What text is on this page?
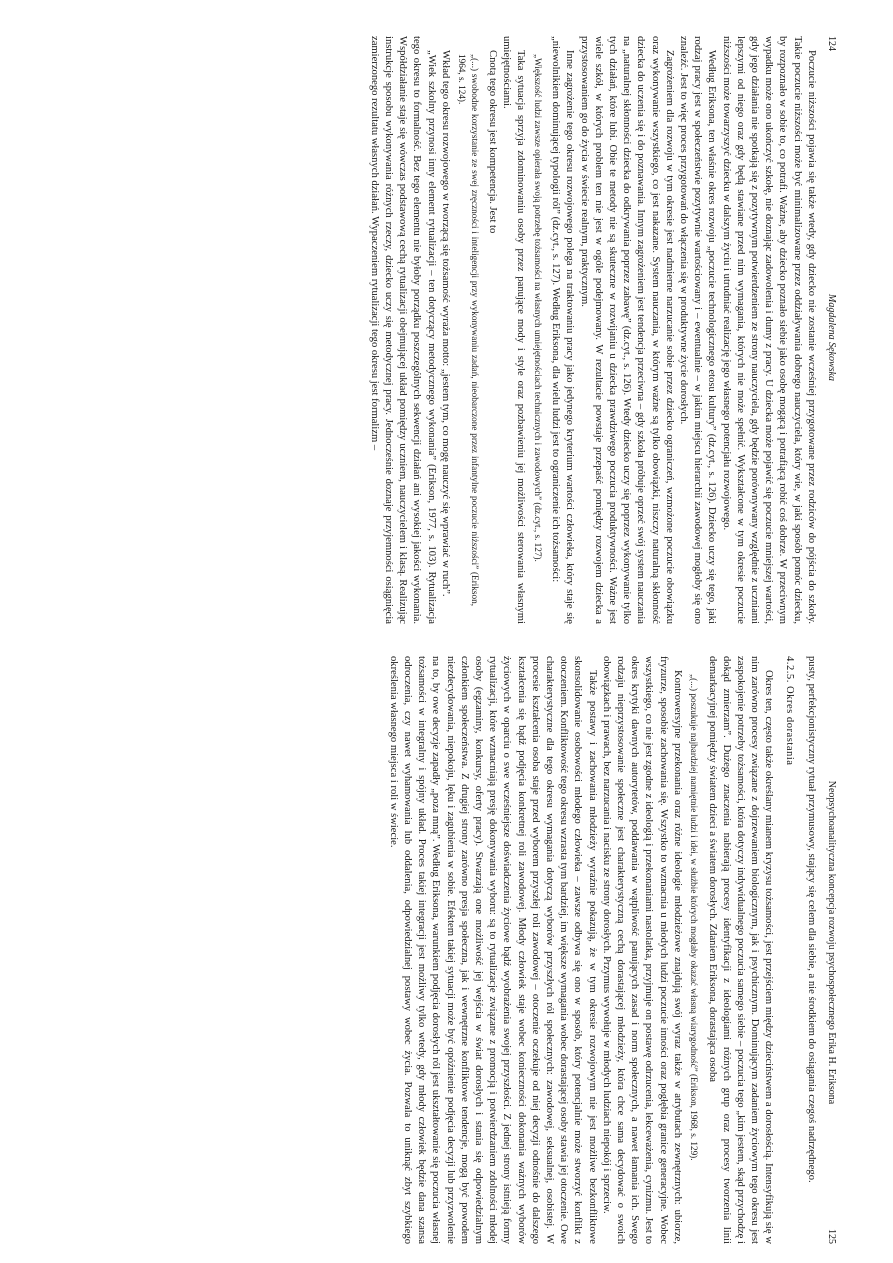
124
Magdalena Sękowska

Poczucie niższości pojawia się także wtedy, gdy dziecko nie zostanie wcześniej przygotowane przez rodziców do pójścia do szkoły. Takie poczucie niższości może być minimalizowane przez oddziaływania dobrego nauczyciela, który wie, w jaki sposób pomóc dziecku, by rozpoznało w sobie to, co potrafi. Ważne, aby dziecko poznało siebie jako osobę mogącą i potrafiącą robić coś dobrze. W przeciwnym wypadku może ono ukończyć szkołę, nie doznając zadowolenia i dumy z pracy. U dziecka może pojawić się poczucie mniejszej wartości, gdy jego działania nie spotkają się z pozytywnym potwierdzeniem ze strony nauczyciela, gdy będzie porównywany względnie z uczniami lepszymi od niego oraz gdy będą stawiane przed nim wymagania, których nie może spełnić. Wykształcone w tym okresie poczucie niższości może towarzyszyć dziecku w dalszym życiu i utrudniać realizację jego własnego potencjału rozwojowego.

Według Eriksona, ten właśnie okres rozwoju „poczucie technologicznego etosu kultury” (dz.cyt., s. 126). Dziecko uczy się tego, jaki rodzaj pracy jest w społeczeństwie pozytywnie wartościowany i – ewentualnie – w jakim miejscu hierarchii zawodowej mogłoby się ono znaleźć. Jest to więc proces przygotowań do włączenia się w produktywne życie dorosłych.

Zagrożeniem dla rozwoju w tym okresie jest nadmierne narzucanie sobie przez dziecko ograniczeń, wzmożone poczucie obowiązku oraz wykonywanie wszystkiego, co jest nakazane. System nauczania, w którym ważne są tylko obowiązki, niszczy naturalną skłonność dziecka do uczenia się i do poznawania. Innym zagrożeniem jest tendencja przeciwna – gdy szkoła próbuje oprzeć swój system nauczania na „naturalnej skłonności dziecka do odkrywania poprzez zabawę” (dz.cyt., s. 126). Wtedy dziecko uczy się poprzez wykonywanie tylko tych działań, które lubi. Obie te metody nie są skuteczne w rozwijaniu u dziecka prawdziwego poczucia produktywności. Ważne jest wiele szkół, w których problem ten nie jest w ogóle podejmowany. W rezultacie powstaje przepaść pomiędzy rozwojem dziecka a przystosowaniem go do życia w świecie realnym, praktycznym.

Inne zagrożenie tego okresu rozwojowego polega na traktowaniu pracy jako jedynego kryterium wartości człowieka, który staje się „niewolnikiem dominującej typologii ról” (dz.cyt., s. 127). Według Eriksona, dla wielu ludzi jest to ograniczenie ich tożsamości:

„Większość ludzi zawsze opierała swoją potrzebę tożsamości na własnych umiejętnościach technicznych i zawodowych” (dz.cyt., s. 127).

Taka sytuacja sprzyja zdominowaniu osoby przez panujące mody i style oraz pozbawieniu jej możliwości sterowania własnymi umiejętnościami.

Cnotą tego okresu jest kompetencja. Jest to

„(...) swobodne korzystanie ze swej zręczności i inteligencji przy wykonywaniu zadań, nieobarczone przez infantylne poczucie niższości” (Erikson, 1964, s. 124).

Wkład tego okresu rozwojowego w tworzącą się tożsamość wyraża motto: „jestem tym, co mogę nauczyć się wprawiać w ruch”.

„Wiek szkolny przynosi inny element rytualizacji – ten dotyczący metodycznego wykonania” (Erikson, 1977, s. 103). Rytualizacja tego okresu to formalność. Bez tego elementu nie byłoby porządku poszczególnych sekwencji działań ani wysokiej jakości wykonania. Współdziałanie staje się wówczas podstawową cechą rytualizacji obejmującej układ pomiędzy uczniem, nauczycielem i klasą. Realizując instrukcje sposobu wykonywania różnych rzeczy, dziecko uczy się metodycznej pracy. Jednocześnie doznaje przyjemności osiągnięcia zamierzonego rezultatu własnych działań. Wypaczeniem rytualizacji tego okresu jest formalizm –

Neopsychoanalityczna koncepcja rozwoju psychospołecznego Erika H. Eriksona
125

pusty, perfekcjonistyczny rytuał przymusowy, stający się celem dla siebie, a nie środkiem do osiągania czegoś nadrzędnego.

4.2.5. Okres dorastania

Okres ten, często także określany mianem kryzysu tożsamości, jest przejściem między dzieciństwem a dorosłością. Intensyfikują się w nim zarówno procesy związane z dojrzewaniem biologicznym, jak i psychicznym. Dominującym zadaniem życiowym tego okresu jest zaspokojenie potrzeby tożsamości, która dotyczy indywidualnego poczucia samego siebie – poczucia tego „kim jestem, skąd przychodzę i dokąd zmierzam”. Dużego znaczenia nabierają procesy identyfikacji z ideologiami różnych grup oraz procesy tworzenia linii demarkacyjnej pomiędzy światem dzieci a światem dorosłych. Zdaniem Eriksona, dorastająca osoba

„(...) poszukuje najbardziej namiętnie ludzi i idei, w służbie których mogłaby okazać własną wiarygodność” (Erikson, 1968, s. 129).

Kontrowersyjne przekonania oraz różne ideologie młodzieżowe znajdują swój wyraz także w atrybutach zewnętrznych: ubiorze, fryzurze, sposobie zachowania się. Wszystko to wzmacnia u młodych ludzi poczucie inności oraz pogłębia granice generacyjne. Wobec wszystkiego, co nie jest zgodne z ideologią i przekonaniami nastolatka, przyjmuje on postawę odrzucenia, lekceważenia, cynizmu. Jest to okres krytyki dawnych autorytetów, poddawania w wątpliwość panujących zasad i norm społecznych, a nawet łamania ich. Swego rodzaju nieprzystosowanie społeczne jest charakterystyczną cechą dorastającej młodzieży, która chce sama decydować o swoich obowiązkach i prawach, bez narzucania i nacisku ze strony dorosłych. Przymus wywołuje w młodych ludziach niepokój i sprzeciw.

Także postawy i zachowania młodzieży wyraźnie pokazują, że w tym okresie rozwojowym nie jest możliwe bezkonfliktowe skonsolidowanie osobowości młodego człowieka – zawsze odbywa się ono w sposób, który potencjalnie może stworzyć konflikt z otoczeniem. Konfliktowość tego okresu wzrasta tym bardziej, im większe wymagania wobec dorastającej osoby stawia jej otoczenie. Owe charakterystyczne dla tego okresu wymagania dotyczą wyborów przyszłych ról społecznych: zawodowej, seksualnej, osobistej. W procesie kształcenia osoba staje przed wyborem przyszłej roli zawodowej – otoczenie oczekuje od niej decyzji odnośnie do dalszego kształcenia się bądź podjęcia konkretnej roli zawodowej. Młody człowiek staje wobec konieczności dokonania ważnych wyborów życiowych w oparciu o swe wcześniejsze doświadczenia życiowe bądź wyobrażenia swojej przyszłości. Z jednej strony istnieją formy rytualizacji, które wzmacniają presję dokonywania wyboru: są to rytualizacje związane z promocją i potwierdzaniem zdolności młodej osoby (egzaminy, konkursy, oferty pracy). Stwarzają one możliwość jej wejścia w świat dorosłych i stania się odpowiedzialnym członkiem społeczeństwa. Z drugiej strony zarówno presja społeczna, jak i wewnętrzne konfliktowe tendencje, mogą być powodem niezdecydowania, niepokoju, lęku i zagubienia w sobie. Efektem takiej sytuacji może być opóźnienie podjęcia decyzji lub przyzwolenie na to, by owe decyzje zapadły „poza mną”. Według Eriksona, warunkiem podjęcia dorosłych ról jest ukształtowanie się poczucia własnej tożsamości w integralny i spójny układ. Proces takiej integracji jest możliwy tylko wtedy, gdy młody człowiek będzie dana szansa odroczenia, czy nawet wyhamowania lub oddalenia, odpowiedzialnej postawy wobec życia. Pozwala to uniknąć zbyt szybkiego określenia własnego miejsca i roli w świecie.
